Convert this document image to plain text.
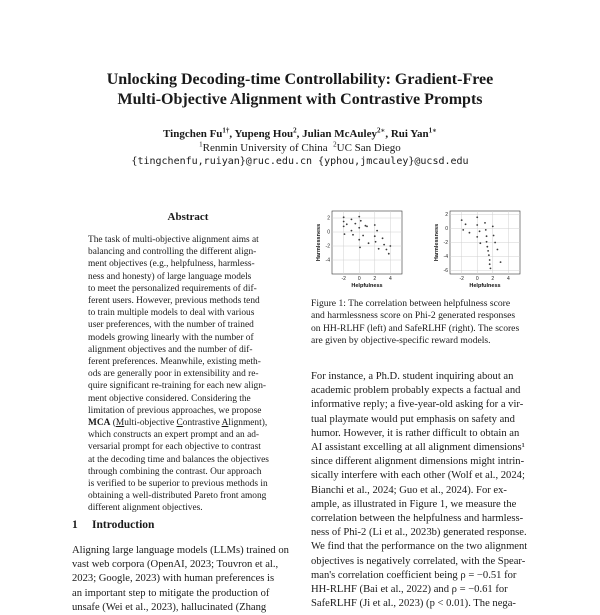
Unlocking Decoding-time Controllability: Gradient-Free
Multi-Objective Alignment with Contrastive Prompts
Tingchen $Fu^{1\dagger}$, Yupeng Hou$^2$, Julian McAuley$^{2∗}$, Rui Yan$^{1∗}$
$^1$Renmin University of China $^2$UC San Diego
{tingchenfu,ruiyan}@ruc.edu.cn {yphou,jmcauley}@ucsd.edu
Abstract
The task of multi-objective alignment aims at
balancing and controlling the different align-
ment objectives (e.g., helpfulness, harmless-
ness and honesty) of large language models
to meet the personalized requirements of dif-
ferent users. However, previous methods tend
to train multiple models to deal with various
user preferences, with the number of trained
models growing linearly with the number of
alignment objectives and the number of dif-
ferent preferences. Meanwhile, existing meth-
ods are generally poor in extensibility and re-
quire significant re-training for each new align-
ment objective considered. Considering the
limitation of previous approaches, we propose
MCA (Multi-objective Contrastive Alignment),
which constructs an expert prompt and an ad-
versarial prompt for each objective to contrast
at the decoding time and balances the objectives
through combining the contrast. Our approach
is verified to be superior to previous methods in
obtaining a well-distributed Pareto front among
different alignment objectives.
1 Introduction
Aligning large language models (LLMs) trained on
vast web corpora (OpenAI, 2023; Touvron et al.,
2023; Google, 2023) with human preferences is
an important step to mitigate the production of
unsafe (Wei et al., 2023), hallucinated (Zhang
-2 0	2	4
2
0
-2
-4
Helpfulness
Harmlessness
-2 0	2	4
2
0
-2
-4
-6
Helpfulness
Harmlessness
Figure 1: The correlation between helpfulness score
and harmlessness score on Phi-2 generated responses
on HH-RLHF (left) and SafeRLHF (right). The scores
are given by objective-specific reward models.
For instance, a Ph.D. student inquiring about an
academic problem probably expects a factual and
informative reply; a five-year-old asking for a vir-
tual playmate would put emphasis on safety and
humor. However, it is rather difficult to obtain an
AI assistant excelling at all alignment dimensions¹
since different alignment dimensions might intrin-
sically interfere with each other (Wolf et al., 2024;
Bianchi et al., 2024; Guo et al., 2024). For ex-
ample, as illustrated in Figure 1, we measure the
correlation between the helpfulness and harmless-
ness of Phi-2 (Li et al., 2023b) generated response.
We find that the performance on the two alignment
objectives is negatively correlated, with the Spear-
man's correlation coefficient being ρ = −0.51 for
HH-RLHF (Bai et al., 2022) and ρ = −0.61 for
SafeRLHF (Ji et al., 2023) (p < 0.01). The nega-
